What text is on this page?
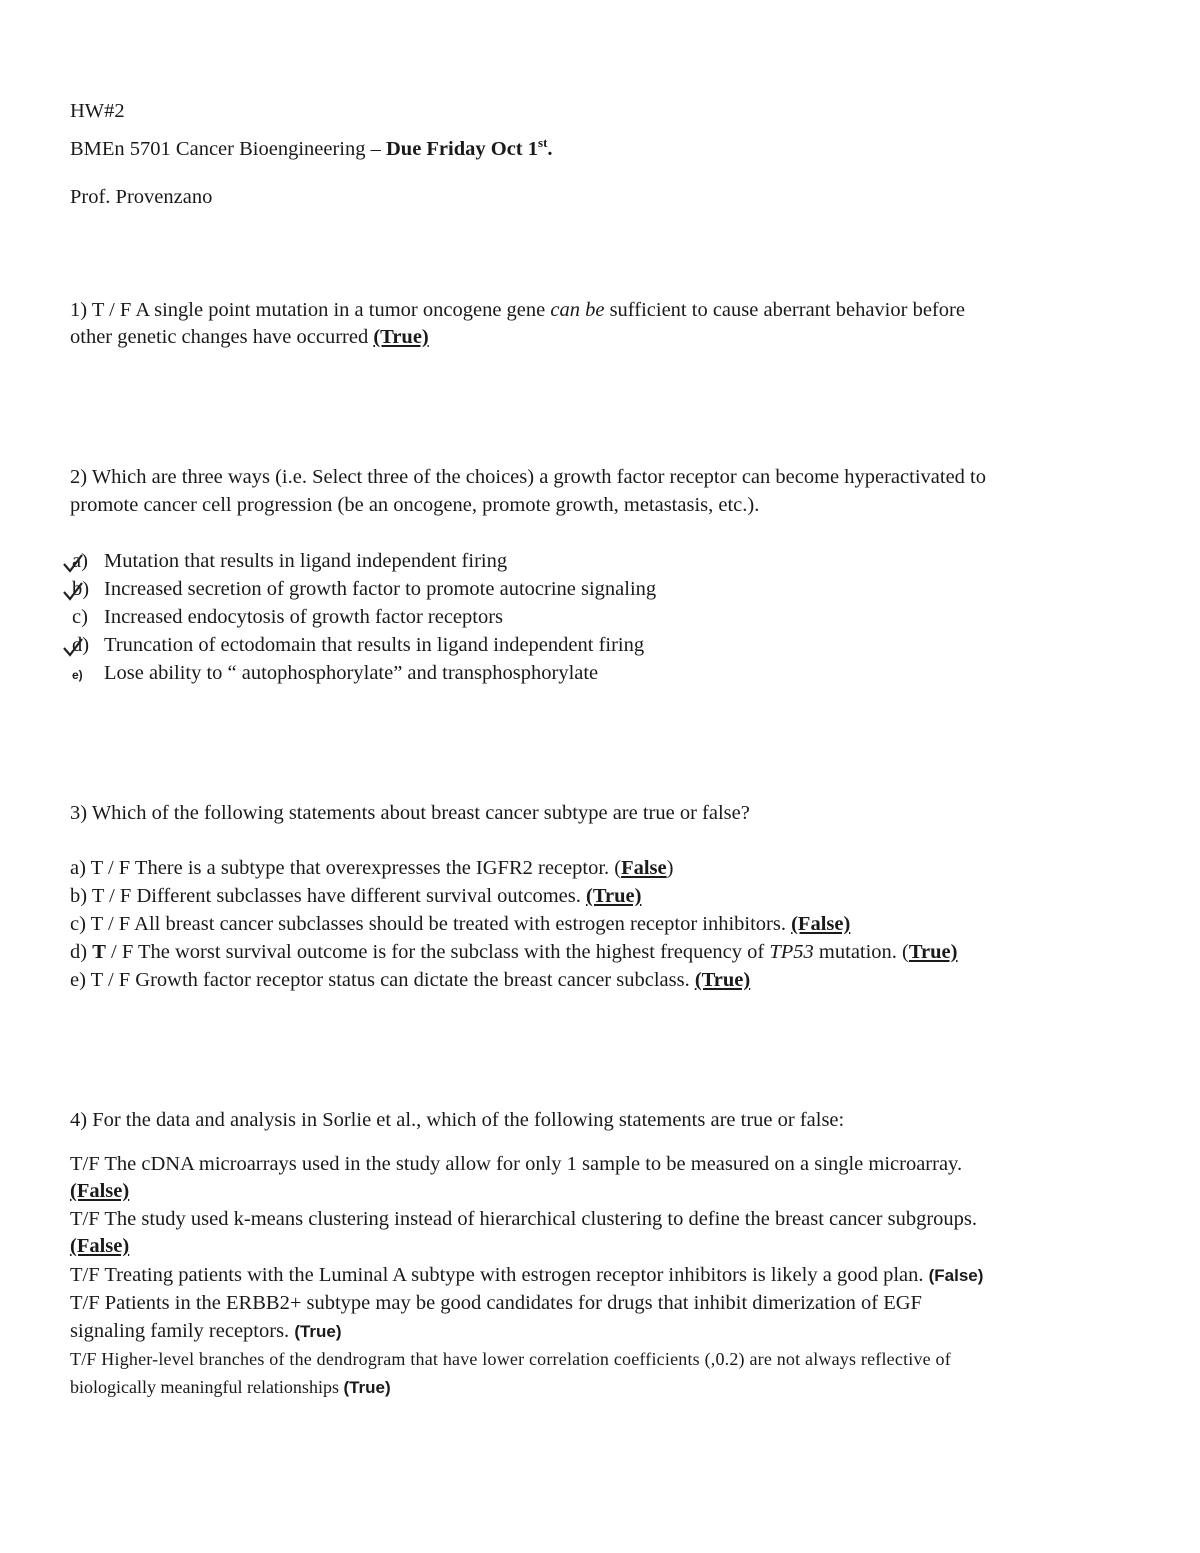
HW#2
BMEn 5701 Cancer Bioengineering – Due Friday Oct 1st.
Prof. Provenzano
1) T / F A single point mutation in a tumor oncogene gene can be sufficient to cause aberrant behavior before
other genetic changes have occurred (True)
2) Which are three ways (i.e. Select three of the choices) a growth factor receptor can become hyperactivated to
promote cancer cell progression (be an oncogene, promote growth, metastasis, etc.).
a) Mutation that results in ligand independent firing
b) Increased secretion of growth factor to promote autocrine signaling
c) Increased endocytosis of growth factor receptors
d) Truncation of ectodomain that results in ligand independent firing
e) Lose ability to “ autophosphorylate” and transphosphorylate
3) Which of the following statements about breast cancer subtype are true or false?
a) T / F There is a subtype that overexpresses the IGFR2 receptor. (False)
b) T / F Different subclasses have different survival outcomes. (True)
c) T / F All breast cancer subclasses should be treated with estrogen receptor inhibitors. (False)
d) T / F The worst survival outcome is for the subclass with the highest frequency of TP53 mutation. (True)
e) T / F Growth factor receptor status can dictate the breast cancer subclass. (True)
4) For the data and analysis in Sorlie et al., which of the following statements are true or false:
T/F The cDNA microarrays used in the study allow for only 1 sample to be measured on a single microarray.
(False)
T/F The study used k-means clustering instead of hierarchical clustering to define the breast cancer subgroups.
(False)
T/F Treating patients with the Luminal A subtype with estrogen receptor inhibitors is likely a good plan. (False)
T/F Patients in the ERBB2+ subtype may be good candidates for drugs that inhibit dimerization of EGF
signaling family receptors. (True)
T/F Higher-level branches of the dendrogram that have lower correlation coefficients (,0.2) are not always reflective of
biologically meaningful relationships (True)
